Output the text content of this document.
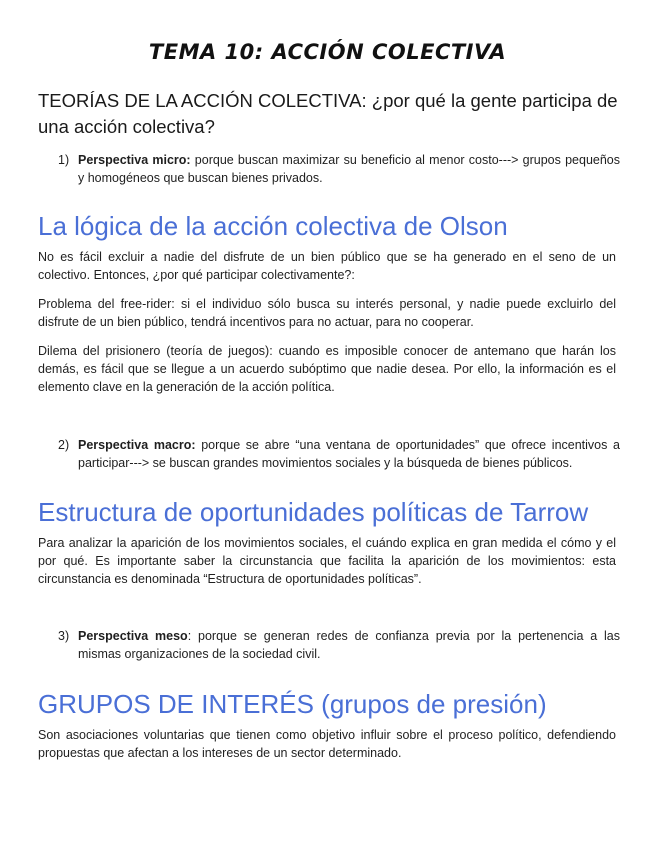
TEMA 10: ACCIÓN COLECTIVA
TEORÍAS DE LA ACCIÓN COLECTIVA: ¿por qué la gente participa de una acción colectiva?
1) Perspectiva micro: porque buscan maximizar su beneficio al menor costo---> grupos pequeños y homogéneos que buscan bienes privados.
La lógica de la acción colectiva de Olson

No es fácil excluir a nadie del disfrute de un bien público que se ha generado en el seno de un colectivo. Entonces, ¿por qué participar colectivamente?:

Problema del free-rider: si el individuo sólo busca su interés personal, y nadie puede excluirlo del disfrute de un bien público, tendrá incentivos para no actuar, para no cooperar.

Dilema del prisionero (teoría de juegos): cuando es imposible conocer de antemano que harán los demás, es fácil que se llegue a un acuerdo subóptimo que nadie desea. Por ello, la información es el elemento clave en la generación de la acción política.

2) Perspectiva macro: porque se abre “una ventana de oportunidades” que ofrece incentivos a participar---> se buscan grandes movimientos sociales y la búsqueda de bienes públicos.
Estructura de oportunidades políticas de Tarrow

Para analizar la aparición de los movimientos sociales, el cuándo explica en gran medida el cómo y el por qué. Es importante saber la circunstancia que facilita la aparición de los movimientos: esta circunstancia es denominada “Estructura de oportunidades políticas”.

3) Perspectiva meso: porque se generan redes de confianza previa por la pertenencia a las mismas organizaciones de la sociedad civil.
GRUPOS DE INTERÉS (grupos de presión)

Son asociaciones voluntarias que tienen como objetivo influir sobre el proceso político, defendiendo propuestas que afectan a los intereses de un sector determinado.
